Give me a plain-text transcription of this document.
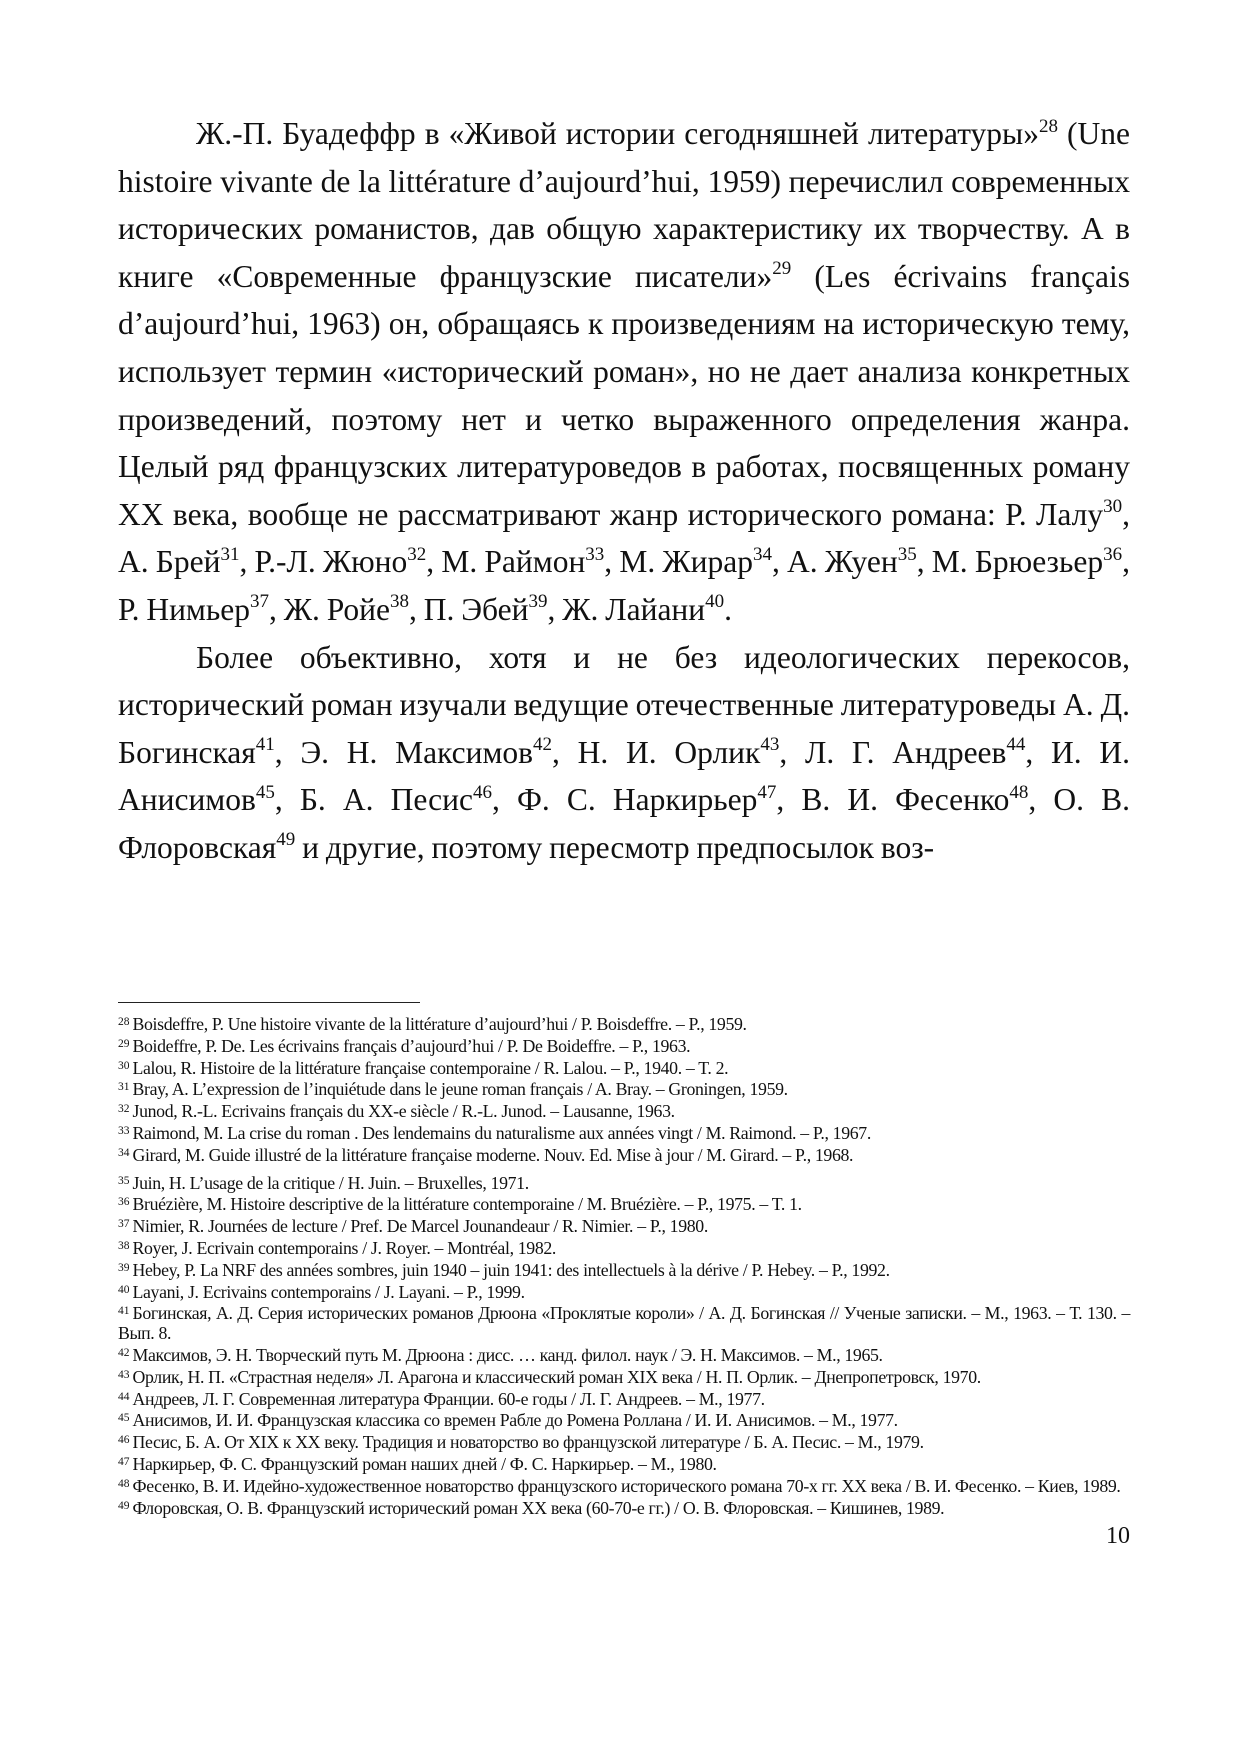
Ж.-П. Буадеффр в «Живой истории сегодняшней литературы»$^{28}$ (Une histoire vivante de la littérature d’aujourd’hui, 1959) перечислил современных исторических романистов, дав общую характеристику их творчеству. А в книге «Современные французские писатели»$^{29}$ (Les écrivains français d’aujourd’hui, 1963) он, обращаясь к произведениям на историческую тему, использует термин «исторический роман», но не дает анализа конкретных произведений, поэтому нет и четко выраженного определения жанра. Целый ряд французских литературоведов в работах, посвященных роману XX века, вообще не рассматривают жанр исторического романа: Р. Лалу$^{30}$, А. Брей$^{31}$, Р.-Л. Жюно$^{32}$, М. Раймон$^{33}$, М. Жирар$^{34}$, А. Жуен$^{35}$, М. Брюезьер$^{36}$, Р. Нимьер$^{37}$, Ж. Ройе$^{38}$, П. Эбей$^{39}$, Ж. Лайани$^{40}$.

Более объективно, хотя и не без идеологических перекосов, исторический роман изучали ведущие отечественные литературоведы А. Д. Богинская$^{41}$, Э. Н. Максимов$^{42}$, Н. И. Орлик$^{43}$, Л. Г. Андреев$^{44}$, И. И. Анисимов$^{45}$, Б. А. Песис$^{46}$, Ф. С. Наркирьер$^{47}$, В. И. Фесенко$^{48}$, О. В. Флоровская$^{49}$ и другие, поэтому пересмотр предпосылок воз-

$^{28}$ Boisdeffre, P. Une histoire vivante de la littérature d’aujourd’hui / P. Boisdeffre. – P., 1959.

$^{29}$ Boideffre, P. De. Les écrivains français d’aujourd’hui / P. De Boideffre. – P., 1963.

$^{30}$ Lalou, R. Histoire de la littérature française contemporaine / R. Lalou. – P., 1940. – T. 2.

$^{31}$ Bray, A. L’expression de l’inquiétude dans le jeune roman français / A. Bray. – Groningen, 1959.

$^{32}$ Junod, R.-L. Ecrivains français du XX-e siècle / R.-L. Junod. – Lausanne, 1963.

$^{33}$ Raimond, M. La crise du roman . Des lendemains du naturalisme aux années vingt / M. Raimond. – P., 1967.

$^{34}$ Girard, M. Guide illustré de la littérature française moderne. Nouv. Ed. Mise à jour / M. Girard. – P., 1968.

$^{35}$ Juin, H. L’usage de la critique / H. Juin. – Bruxelles, 1971.

$^{36}$ Bruézière, M. Histoire descriptive de la littérature contemporaine / M. Bruézière. – P., 1975. – T. 1.

$^{37}$ Nimier, R. Journées de lecture / Pref. De Marcel Jounandeaur / R. Nimier. – P., 1980.

$^{38}$ Royer, J. Ecrivain contemporains / J. Royer. – Montréal, 1982.

$^{39}$ Hebey, P. La NRF des années sombres, juin 1940 – juin 1941: des intellectuels à la dérive / P. Hebey. – P., 1992.

$^{40}$ Layani, J. Ecrivains contemporains / J. Layani. – P., 1999.

$^{41}$ Богинская, А. Д. Серия исторических романов Дрюона «Проклятые короли» / А. Д. Богинская // Ученые записки. – М., 1963. – Т. 130. – Вып. 8.

$^{42}$ Максимов, Э. Н. Творческий путь М. Дрюона : дисс. … канд. филол. наук / Э. Н. Максимов. – М., 1965.

$^{43}$ Орлик, Н. П. «Страстная неделя» Л. Арагона и классический роман XIX века / Н. П. Орлик. – Днепропетровск, 1970.

$^{44}$ Андреев, Л. Г. Современная литература Франции. 60-е годы / Л. Г. Андреев. – М., 1977.

$^{45}$ Анисимов, И. И. Французская классика со времен Рабле до Ромена Роллана / И. И. Анисимов. – М., 1977.

$^{46}$ Песис, Б. А. От XIX к XX веку. Традиция и новаторство во французской литературе / Б. А. Песис. – М., 1979.

$^{47}$ Наркирьер, Ф. С. Французский роман наших дней / Ф. С. Наркирьер. – М., 1980.

$^{48}$ Фесенко, В. И. Идейно-художественное новаторство французского исторического романа 70-х гг. XX века / В. И. Фесенко. – Киев, 1989.

$^{49}$ Флоровская, О. В. Французский исторический роман XX века (60-70-е гг.) / О. В. Флоровская. – Кишинев, 1989.

10
